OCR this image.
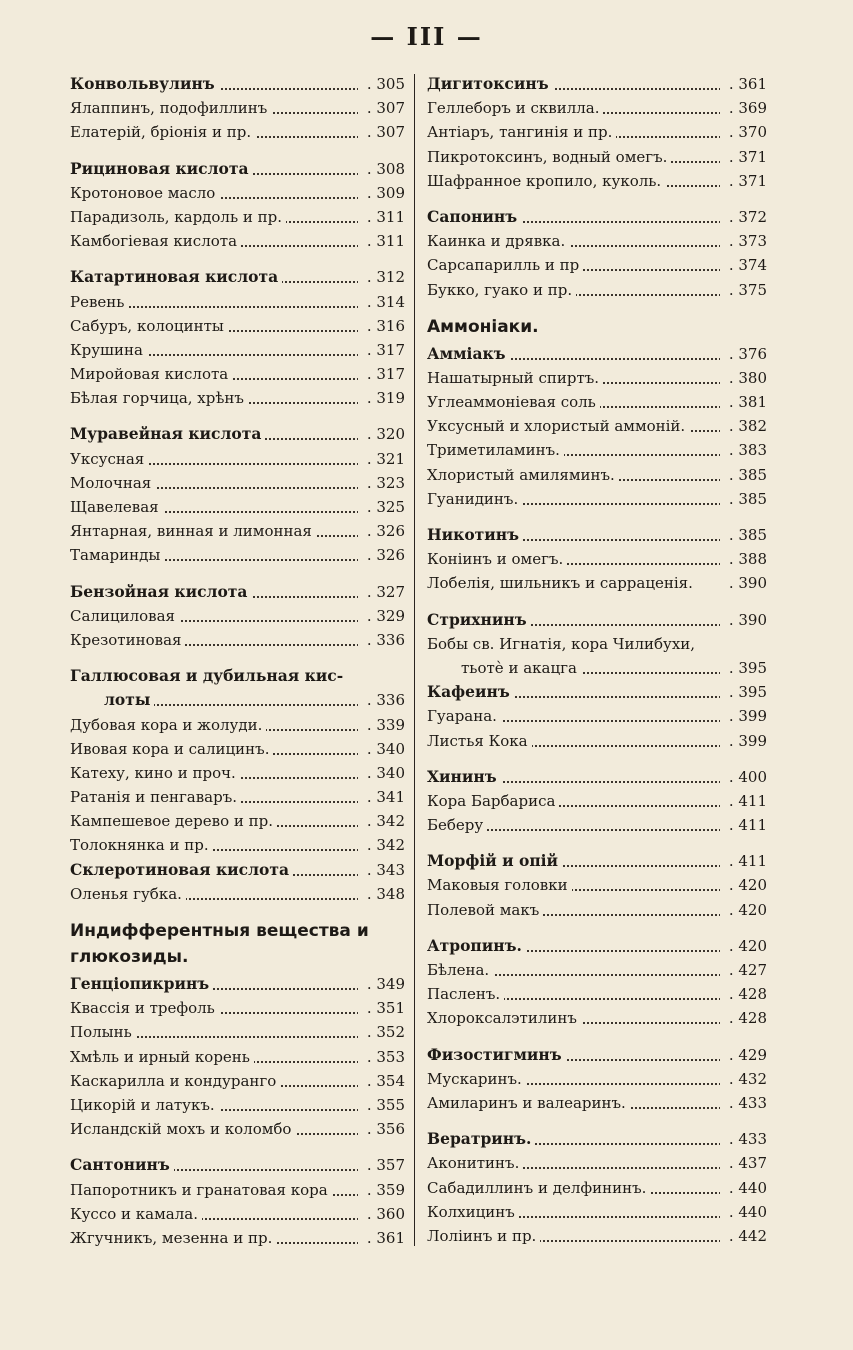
— III —
Конвольвулинъ	. 305
Ялаппинъ, подофиллинъ	. 307
Елатерій, бріонія и пр.	. 307
Рициновая кислота	. 308
Кротоновое масло	. 309
Парадизоль, кардоль и пр.	. 311
Камбогіевая кислота	. 311
Катартиновая кислота	. 312
Ревень	. 314
Сабуръ, колоцинты	. 316
Крушина	. 317
Миройовая кислота	. 317
Бѣлая горчица, хрѣнъ	. 319
Муравейная кислота	. 320
Уксусная	. 321
Молочная	. 323
Щавелевая	. 325
Янтарная, винная и лимонная	. 326
Тамаринды	. 326
Бензойная кислота	. 327
Салициловая	. 329
Крезотиновая	. 336
Галлюсовая и дубильная кис-
лоты	. 336
Дубовая кора и жолуди.	. 339
Ивовая кора и салицинъ.	. 340
Катеху, кино и проч.	. 340
Ратанія и пенгаваръ.	. 341
Кампешевое дерево и пр.	. 342
Толокнянка и пр.	. 342
Склеротиновая кислота	. 343
Оленья губка.	. 348
Индифферентныя вещества и глюкозиды.
Генціопикринъ	. 349
Квассія и трефоль	. 351
Полынь	. 352
Хмѣль и ирный корень	. 353
Каскарилла и кондуранго	. 354
Цикорій и латукъ.	. 355
Исландскій мохъ и коломбо	. 356
Сантонинъ	. 357
Папоротникъ и гранатовая кора	. 359
Куссо и камала.	. 360
Жгучникъ, мезенна и пр.	. 361
Дигитоксинъ	. 361
Геллеборъ и сквилла.	. 369
Антіаръ, тангинія и пр.	. 370
Пикротоксинъ, водный омегъ.	. 371
Шафранное кропило, куколь.	. 371
Сапонинъ	. 372
Каинка и дрявка.	. 373
Сарсапарилль и пр	. 374
Букко, гуако и пр.	. 375
Аммоніаки.
Амміакъ	. 376
Нашатырный спиртъ.	. 380
Углеаммоніевая соль	. 381
Уксусный и хлористый аммоній.	. 382
Триметиламинъ.	. 383
Хлористый амиляминъ.	. 385
Гуанидинъ.	. 385
Никотинъ	. 385
Коніинъ и омегъ.	. 388
Лобелія, шильникъ и сарраценія.	. 390
Стрихнинъ	. 390
Бобы св. Игнатія, кора Чилибухи,
тьотѐ и акацга	. 395
Кафеинъ	. 395
Гуарана.	. 399
Листья Кока	. 399
Хининъ	. 400
Кора Барбариса	. 411
Беберу	. 411
Морфій и опій	. 411
Маковыя головки	. 420
Полевой макъ	. 420
Атропинъ.	. 420
Бѣлена.	. 427
Пасленъ.	. 428
Хлороксалэтилинъ	. 428
Физостигминъ	. 429
Мускаринъ.	. 432
Амиларинъ и валеаринъ.	. 433
Вератринъ.	. 433
Аконитинъ.	. 437
Сабадиллинъ и делфининъ.	. 440
Колхицинъ	. 440
Лоліинъ и пр.	. 442
